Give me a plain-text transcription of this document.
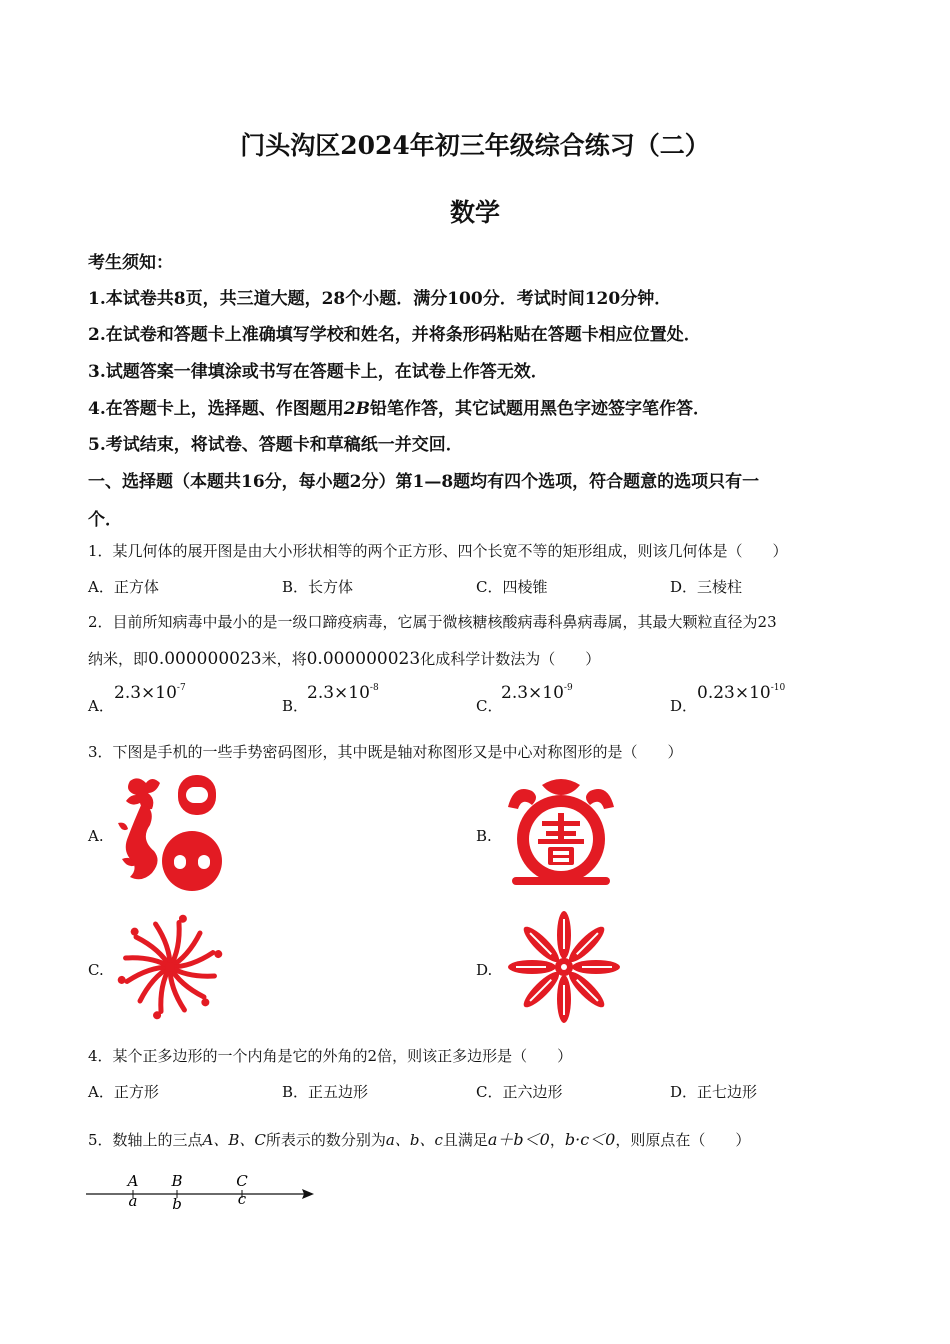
门头沟区2024年初三年级综合练习（二）
数学
考生须知：
1.本试卷共8页，共三道大题，28个小题．满分100分．考试时间120分钟．
2.在试卷和答题卡上准确填写学校和姓名，并将条形码粘贴在答题卡相应位置处．
3.试题答案一律填涂或书写在答题卡上，在试卷上作答无效．
4.在答题卡上，选择题、作图题用2B铅笔作答，其它试题用黑色字迹签字笔作答．
5.考试结束，将试卷、答题卡和草稿纸一并交回．
一、选择题（本题共16分，每小题2分）第1—8题均有四个选项，符合题意的选项只有一
个．
1．某几何体的展开图是由大小形状相等的两个正方形、四个长宽不等的矩形组成，则该几何体是（　　）
A．正方体	B．长方体	C．四棱锥	D．三棱柱
2．目前所知病毒中最小的是一级口蹄疫病毒，它属于微核糖核酸病毒科鼻病毒属，其最大颗粒直径为23
纳米，即0.000000023米，将0.000000023化成科学计数法为（　　）
A．
$2.3\times 10^{-7}$
B．
$2.3\times 10^{-8}$
C．
$2.3\times 10^{-9}$
D．
$0.23\times 10^{-10}$
3．下图是手机的一些手势密码图形，其中既是轴对称图形又是中心对称图形的是（　　）
A.	B.
C.	D.
4．某个正多边形的一个内角是它的外角的2倍，则该正多边形是（　　）
A．正方形	B．正五边形	C．正六边形	D．正七边形
5．数轴上的三点A、B、C所表示的数分别为a、b、c且满足a＋b＜0，b·c＜0，则原点在（　　）
A B	C
a b	c
